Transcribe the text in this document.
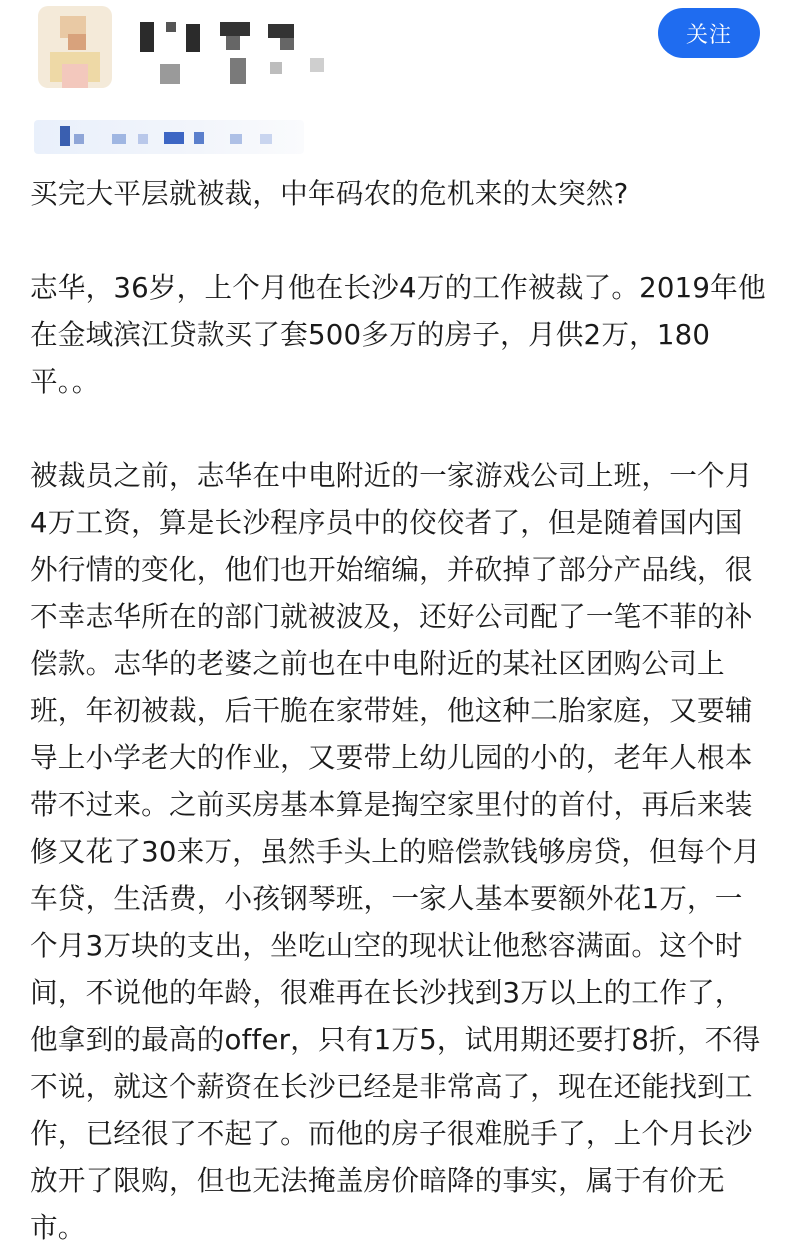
关注

买完大平层就被裁，中年码农的危机来的太突然?

志华，36岁，上个月他在长沙4万的工作被裁了。2019年他在金域滨江贷款买了套500多万的房子，月供2万，180平。。

被裁员之前，志华在中电附近的一家游戏公司上班，一个月4万工资，算是长沙程序员中的佼佼者了，但是随着国内国外行情的变化，他们也开始缩编，并砍掉了部分产品线，很不幸志华所在的部门就被波及，还好公司配了一笔不菲的补偿款。志华的老婆之前也在中电附近的某社区团购公司上班，年初被裁，后干脆在家带娃，他这种二胎家庭，又要辅导上小学老大的作业，又要带上幼儿园的小的，老年人根本带不过来。之前买房基本算是掏空家里付的首付，再后来装修又花了30来万，虽然手头上的赔偿款钱够房贷，但每个月车贷，生活费，小孩钢琴班，一家人基本要额外花1万，一个月3万块的支出，坐吃山空的现状让他愁容满面。这个时间，不说他的年龄，很难再在长沙找到3万以上的工作了，他拿到的最高的offer，只有1万5，试用期还要打8折，不得不说，就这个薪资在长沙已经是非常高了，现在还能找到工作，已经很了不起了。而他的房子很难脱手了，上个月长沙放开了限购，但也无法掩盖房价暗降的事实，属于有价无市。
